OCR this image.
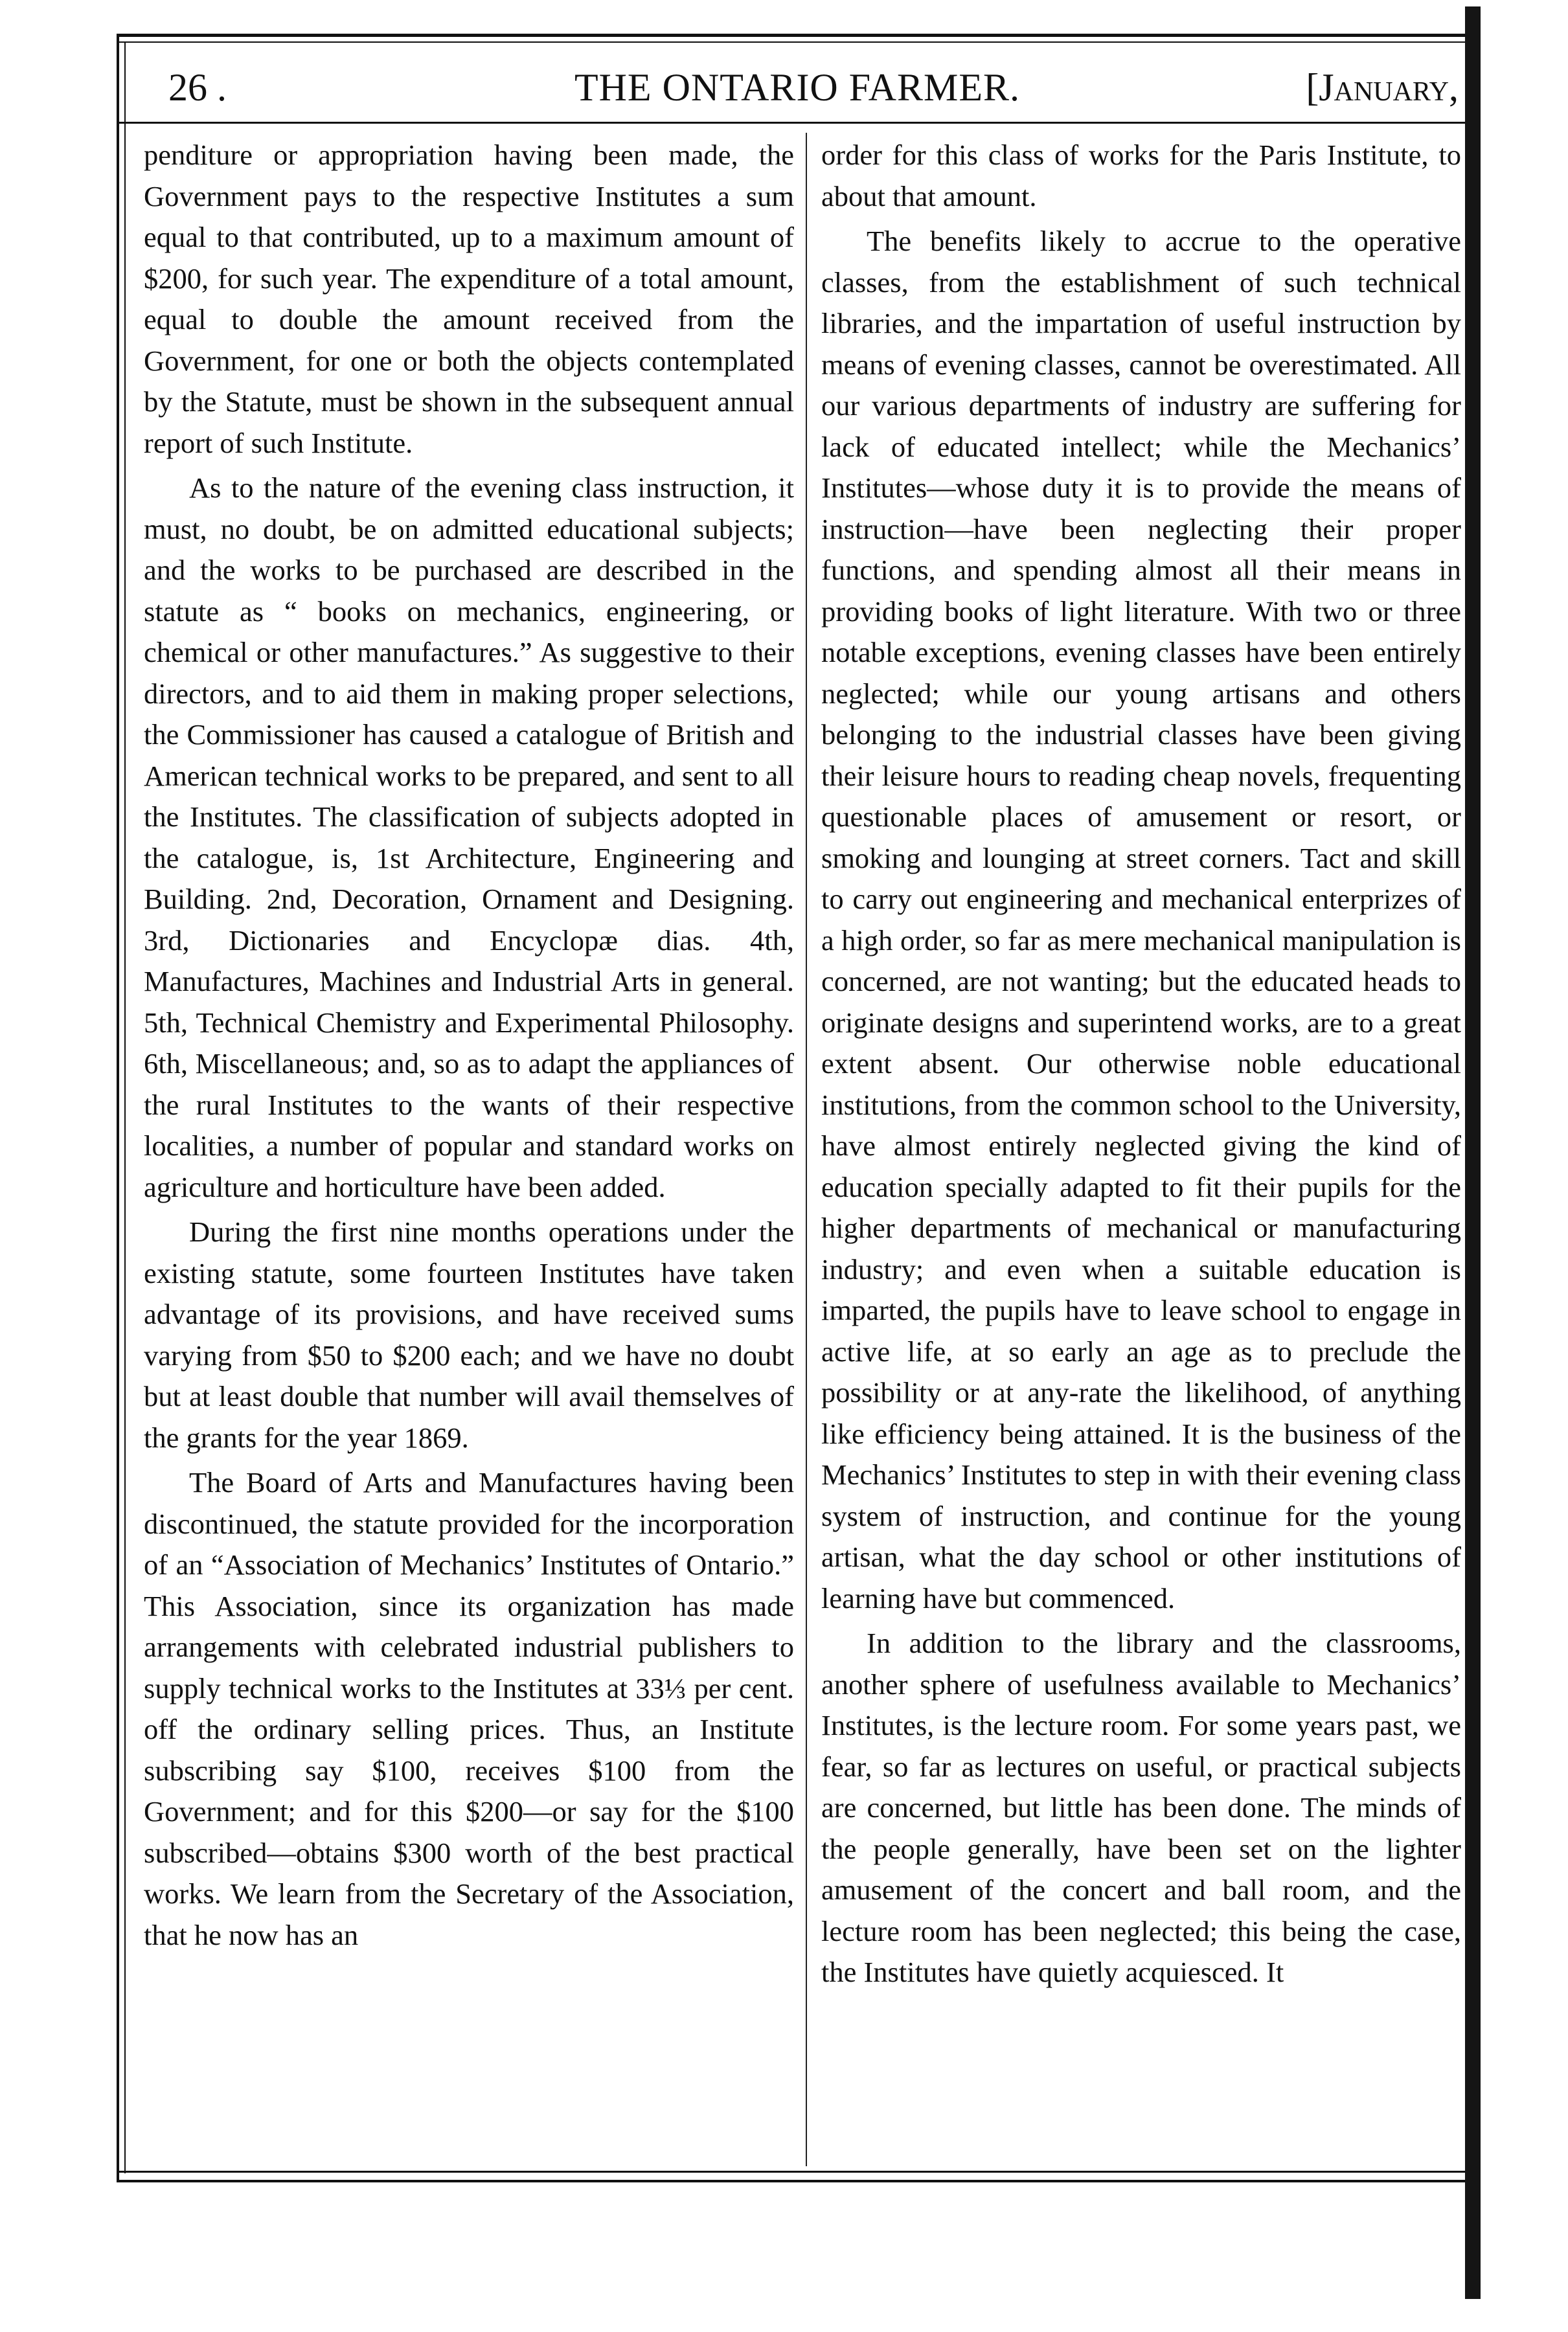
26 .	THE ONTARIO FARMER.	[January,

penditure or appropriation having been made, the Government pays to the respective Institutes a sum equal to that contributed, up to a maximum amount of $200, for such year. The expenditure of a total amount, equal to double the amount received from the Government, for one or both the objects contemplated by the Statute, must be shown in the subsequent annual report of such Institute.

As to the nature of the evening class instruction, it must, no doubt, be on admitted educational subjects; and the works to be purchased are described in the statute as “ books on mechanics, engineering, or chemical or other manufactures.” As suggestive to their directors, and to aid them in making proper selections, the Commissioner has caused a catalogue of British and American technical works to be prepared, and sent to all the Institutes. The classification of subjects adopted in the catalogue, is, 1st Architecture, Engineering and Building. 2nd, Decoration, Ornament and Designing. 3rd, Dictionaries and Encyclopæ dias. 4th, Manufactures, Machines and Industrial Arts in general. 5th, Technical Chemistry and Experimental Philosophy. 6th, Miscellaneous; and, so as to adapt the appliances of the rural Institutes to the wants of their respective localities, a number of popular and standard works on agriculture and horticulture have been added.

During the first nine months operations under the existing statute, some fourteen Institutes have taken advantage of its provisions, and have received sums varying from $50 to $200 each; and we have no doubt but at least double that number will avail themselves of the grants for the year 1869.

The Board of Arts and Manufactures having been discontinued, the statute provided for the incorporation of an “Association of Mechanics’ Institutes of Ontario.” This Association, since its organization has made arrangements with celebrated industrial publishers to supply technical works to the Institutes at 33⅓ per cent. off the ordinary selling prices. Thus, an Institute subscribing say $100, receives $100 from the Government; and for this $200—or say for the $100 subscribed—obtains $300 worth of the best practical works. We learn from the Secretary of the Association, that he now has an

order for this class of works for the Paris Institute, to about that amount.

The benefits likely to accrue to the operative classes, from the establishment of such technical libraries, and the impartation of useful instruction by means of evening classes, cannot be overestimated. All our various departments of industry are suffering for lack of educated intellect; while the Mechanics’ Institutes—whose duty it is to provide the means of instruction—have been neglecting their proper functions, and spending almost all their means in providing books of light literature. With two or three notable exceptions, evening classes have been entirely neglected; while our young artisans and others belonging to the industrial classes have been giving their leisure hours to reading cheap novels, frequenting questionable places of amusement or resort, or smoking and lounging at street corners. Tact and skill to carry out engineering and mechanical enterprizes of a high order, so far as mere mechanical manipulation is concerned, are not wanting; but the educated heads to originate designs and superintend works, are to a great extent absent. Our otherwise noble educational institutions, from the common school to the University, have almost entirely neglected giving the kind of education specially adapted to fit their pupils for the higher departments of mechanical or manufacturing industry; and even when a suitable education is imparted, the pupils have to leave school to engage in active life, at so early an age as to preclude the possibility or at any-rate the likelihood, of anything like efficiency being attained. It is the business of the Mechanics’ Institutes to step in with their evening class system of instruction, and continue for the young artisan, what the day school or other institutions of learning have but commenced.

In addition to the library and the classrooms, another sphere of usefulness available to Mechanics’ Institutes, is the lecture room. For some years past, we fear, so far as lectures on useful, or practical subjects are concerned, but little has been done. The minds of the people generally, have been set on the lighter amusement of the concert and ball room, and the lecture room has been neglected; this being the case, the Institutes have quietly acquiesced. It
